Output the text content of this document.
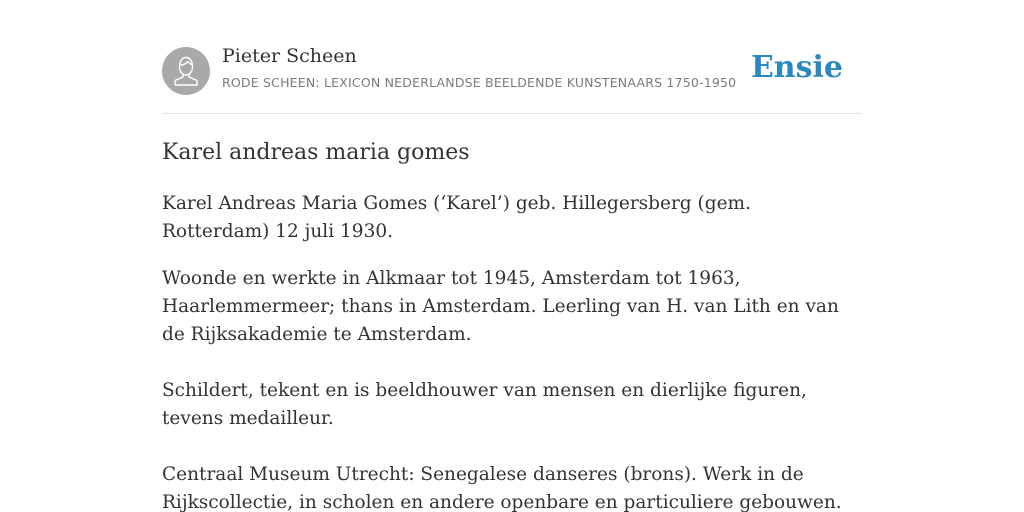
Pieter Scheen
RODE SCHEEN: LEXICON NEDERLANDSE BEELDENDE KUNSTENAARS 1750-1950 Ensie
Karel andreas maria gomes

Karel Andreas Maria Gomes (‘Karel’) geb. Hillegersberg (gem. Rotterdam) 12 juli 1930.

Woonde en werkte in Alkmaar tot 1945, Amsterdam tot 1963, Haarlemmermeer; thans in Amsterdam. Leerling van H. van Lith en van de Rijksakademie te Amsterdam.

Schildert, tekent en is beeldhouwer van mensen en dierlijke figuren, tevens medailleur.

Centraal Museum Utrecht: Senegalese danseres (brons). Werk in de Rijkscollectie, in scholen en andere openbare en particuliere gebouwen.
